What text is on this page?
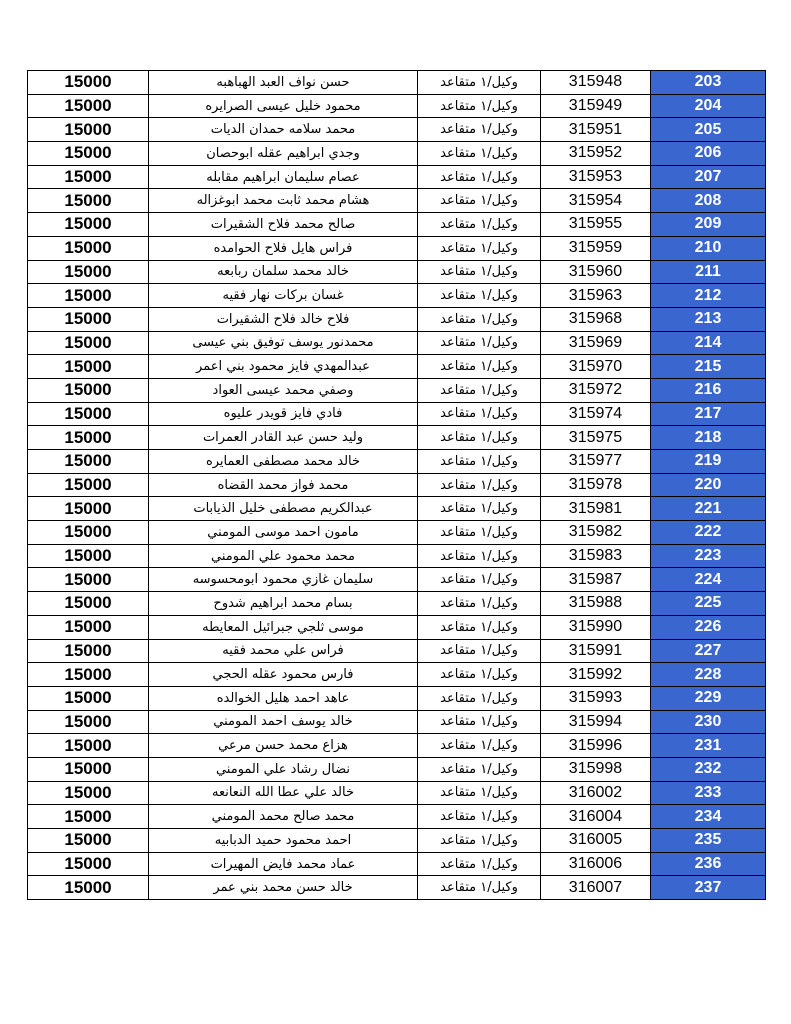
15000	حسن نواف العبد الهباهبه	وكيل/١ متقاعد	315948	203
15000	محمود خليل عيسى الصرايره	وكيل/١ متقاعد	315949	204
15000	محمد سلامه حمدان الديات	وكيل/١ متقاعد	315951	205
15000	وجدي ابراهيم عقله ابوحصان	وكيل/١ متقاعد	315952	206
15000	عصام سليمان ابراهيم مقابله	وكيل/١ متقاعد	315953	207
15000	هشام محمد ثابت محمد ابوغزاله	وكيل/١ متقاعد	315954	208
15000	صالح محمد فلاح الشقيرات	وكيل/١ متقاعد	315955	209
15000	فراس هايل فلاح الحوامده	وكيل/١ متقاعد	315959	210
15000	خالد محمد سلمان ربابعه	وكيل/١ متقاعد	315960	211
15000	غسان بركات نهار فقيه	وكيل/١ متقاعد	315963	212
15000	فلاح خالد فلاح الشقيرات	وكيل/١ متقاعد	315968	213
15000	محمدنور يوسف توفيق بني عيسى	وكيل/١ متقاعد	315969	214
15000	عبدالمهدي فايز محمود بني اعمر	وكيل/١ متقاعد	315970	215
15000	وصفي محمد عيسى العواد	وكيل/١ متقاعد	315972	216
15000	فادي فايز قويدر عليوه	وكيل/١ متقاعد	315974	217
15000	وليد حسن عبد القادر العمرات	وكيل/١ متقاعد	315975	218
15000	خالد محمد مصطفى العمايره	وكيل/١ متقاعد	315977	219
15000	محمد فواز محمد القضاه	وكيل/١ متقاعد	315978	220
15000	عبدالكريم مصطفى خليل الذيابات	وكيل/١ متقاعد	315981	221
15000	مامون احمد موسى المومني	وكيل/١ متقاعد	315982	222
15000	محمد محمود علي المومني	وكيل/١ متقاعد	315983	223
15000	سليمان غازي محمود ابومحسوسه	وكيل/١ متقاعد	315987	224
15000	بسام محمد ابراهيم شدوح	وكيل/١ متقاعد	315988	225
15000	موسى ثلجي جبرائيل المعايطه	وكيل/١ متقاعد	315990	226
15000	فراس علي محمد فقيه	وكيل/١ متقاعد	315991	227
15000	فارس محمود عقله الحجي	وكيل/١ متقاعد	315992	228
15000	عاهد احمد هليل الخوالده	وكيل/١ متقاعد	315993	229
15000	خالد يوسف احمد المومني	وكيل/١ متقاعد	315994	230
15000	هزاع محمد حسن مرعي	وكيل/١ متقاعد	315996	231
15000	نضال رشاد علي المومني	وكيل/١ متقاعد	315998	232
15000	خالد علي عطا الله النعانعه	وكيل/١ متقاعد	316002	233
15000	محمد صالح محمد المومني	وكيل/١ متقاعد	316004	234
15000	احمد محمود حميد الدبابيه	وكيل/١ متقاعد	316005	235
15000	عماد محمد فايض المهيرات	وكيل/١ متقاعد	316006	236
15000	خالد حسن محمد بني عمر	وكيل/١ متقاعد	316007	237
